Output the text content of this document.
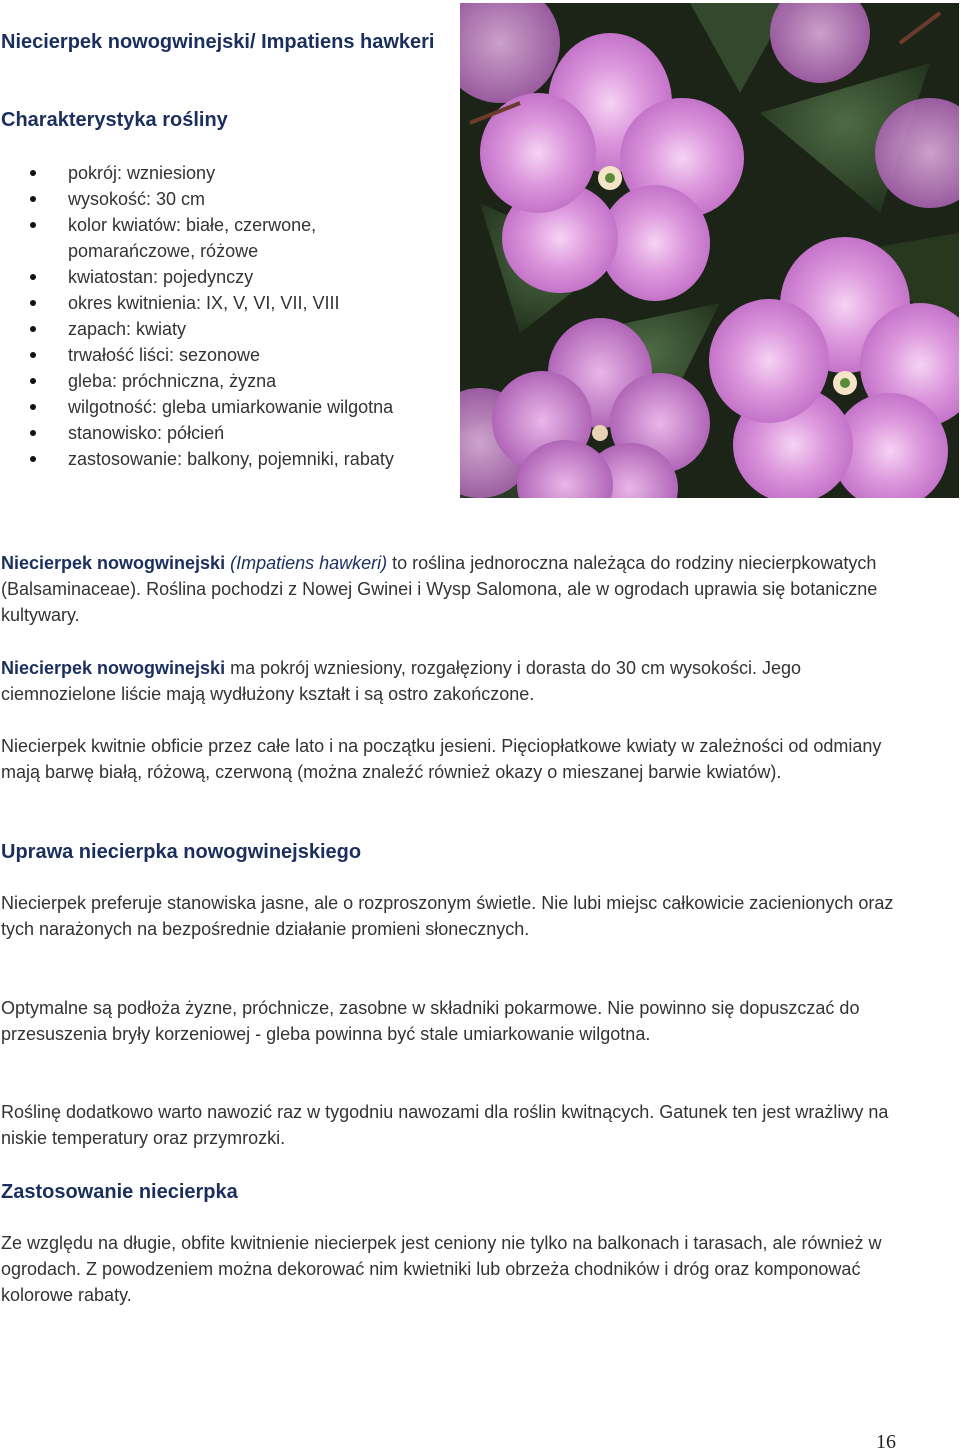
Niecierpek nowogwinejski/ Impatiens hawkeri
Charakterystyka rośliny
pokrój: wzniesiony
wysokość: 30 cm
kolor kwiatów: białe, czerwone, pomarańczowe, różowe
kwiatostan: pojedynczy
okres kwitnienia: IX, V, VI, VII, VIII
zapach: kwiaty
trwałość liści: sezonowe
gleba: próchniczna, żyzna
wilgotność: gleba umiarkowanie wilgotna
stanowisko: półcień
zastosowanie: balkony, pojemniki, rabaty
Niecierpek nowogwinejski (Impatiens hawkeri) to roślina jednoroczna należąca do rodziny niecierpkowatych (Balsaminaceae). Roślina pochodzi z Nowej Gwinei i Wysp Salomona, ale w ogrodach uprawia się botaniczne kultywary.
Niecierpek nowogwinejski ma pokrój wzniesiony, rozgałęziony i dorasta do 30 cm wysokości. Jego ciemnozielone liście mają wydłużony kształt i są ostro zakończone.
Niecierpek kwitnie obficie przez całe lato i na początku jesieni. Pięciopłatkowe kwiaty w zależności od odmiany mają barwę białą, różową, czerwoną (można znaleźć również okazy o mieszanej barwie kwiatów).
Uprawa niecierpka nowogwinejskiego
Niecierpek preferuje stanowiska jasne, ale o rozproszonym świetle. Nie lubi miejsc całkowicie zacienionych oraz tych narażonych na bezpośrednie działanie promieni słonecznych.
Optymalne są podłoża żyzne, próchnicze, zasobne w składniki pokarmowe. Nie powinno się dopuszczać do przesuszenia bryły korzeniowej - gleba powinna być stale umiarkowanie wilgotna.
Roślinę dodatkowo warto nawozić raz w tygodniu nawozami dla roślin kwitnących. Gatunek ten jest wrażliwy na niskie temperatury oraz przymrozki.
Zastosowanie niecierpka
Ze względu na długie, obfite kwitnienie niecierpek jest ceniony nie tylko na balkonach i tarasach, ale również w ogrodach. Z powodzeniem można dekorować nim kwietniki lub obrzeża chodników i dróg oraz komponować kolorowe rabaty.
16
